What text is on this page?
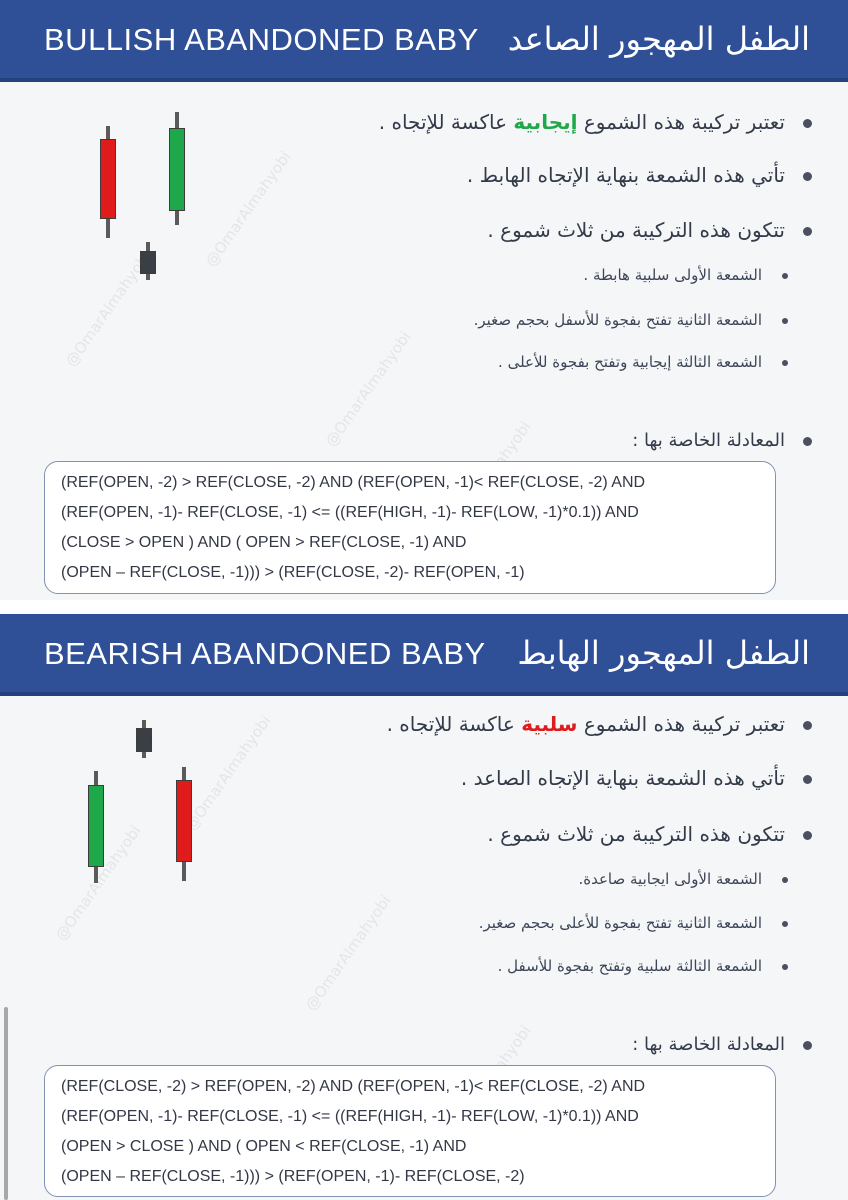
@OmarAlmahyobi
@OmarAlmahyobi
@OmarAlmahyobi
BULLISH ABANDONED BABY الطفل المهجور الصاعد
تعتبر تركيبة هذه الشموع إيجابية عاكسة للإتجاه .
تأتي هذه الشمعة بنهاية الإتجاه الهابط .
تتكون هذه التركيبة من ثلاث شموع .
الشمعة الأولى سلبية هابطة .
الشمعة الثانية تفتح بفجوة للأسفل بحجم صغير.
الشمعة الثالثة إيجابية وتفتح بفجوة للأعلى .
المعادلة الخاصة بها :
(REF(OPEN, -2) > REF(CLOSE, -2) AND (REF(OPEN, -1)< REF(CLOSE, -2) AND
(REF(OPEN, -1)- REF(CLOSE, -1) <= ((REF(HIGH, -1)- REF(LOW, -1)*0.1)) AND
(CLOSE > OPEN ) AND ( OPEN > REF(CLOSE, -1) AND
(OPEN – REF(CLOSE, -1))) > (REF(CLOSE, -2)- REF(OPEN, -1)
@OmarAlmahyobi
@OmarAlmahyobi
@OmarAlmahyobi
BEARISH ABANDONED BABY الطفل المهجور الهابط
تعتبر تركيبة هذه الشموع سلبية عاكسة للإتجاه .
تأتي هذه الشمعة بنهاية الإتجاه الصاعد .
تتكون هذه التركيبة من ثلاث شموع .
الشمعة الأولى ايجابية صاعدة.
الشمعة الثانية تفتح بفجوة للأعلى بحجم صغير.
الشمعة الثالثة سلبية وتفتح بفجوة للأسفل .
المعادلة الخاصة بها :
(REF(CLOSE, -2) > REF(OPEN, -2) AND (REF(OPEN, -1)< REF(CLOSE, -2) AND
(REF(OPEN, -1)- REF(CLOSE, -1) <= ((REF(HIGH, -1)- REF(LOW, -1)*0.1)) AND
(OPEN > CLOSE ) AND ( OPEN < REF(CLOSE, -1) AND
(OPEN – REF(CLOSE, -1))) > (REF(OPEN, -1)- REF(CLOSE, -2)
